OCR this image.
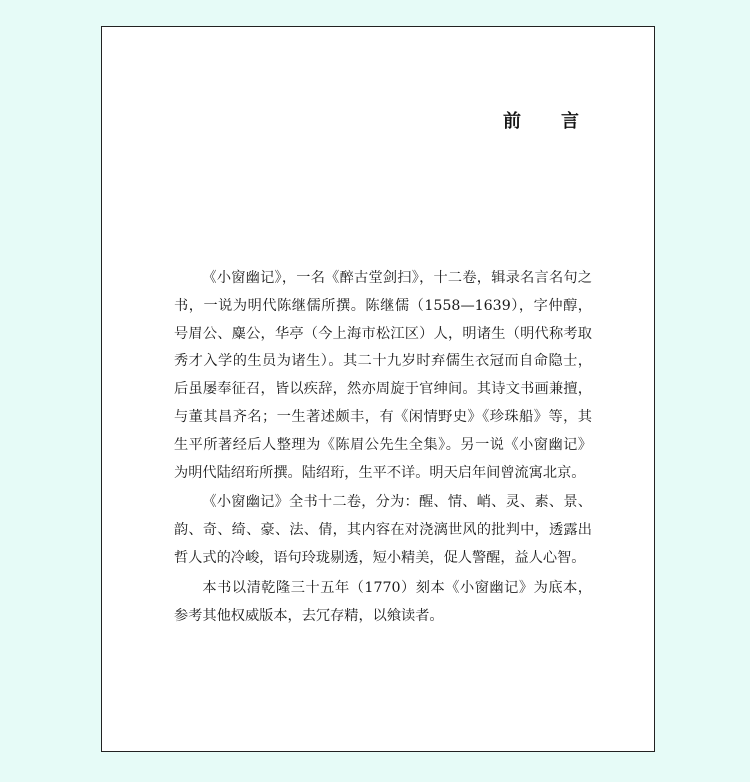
前　言

《小窗幽记》，一名《醉古堂剑扫》，十二卷，辑录名言名句之书，一说为明代陈继儒所撰。陈继儒（1558—1639），字仲醇，号眉公、麋公，华亭（今上海市松江区）人，明诸生（明代称考取秀才入学的生员为诸生）。其二十九岁时弃儒生衣冠而自命隐士，后虽屡奉征召，皆以疾辞，然亦周旋于官绅间。其诗文书画兼擅，与董其昌齐名；一生著述颇丰，有《闲情野史》《珍珠船》等，其生平所著经后人整理为《陈眉公先生全集》。另一说《小窗幽记》为明代陆绍珩所撰。陆绍珩，生平不详。明天启年间曾流寓北京。

《小窗幽记》全书十二卷，分为：醒、情、峭、灵、素、景、韵、奇、绮、豪、法、倩，其内容在对浇漓世风的批判中，透露出哲人式的冷峻，语句玲珑剔透，短小精美，促人警醒，益人心智。

本书以清乾隆三十五年（1770）刻本《小窗幽记》为底本，参考其他权威版本，去冗存精，以飨读者。
